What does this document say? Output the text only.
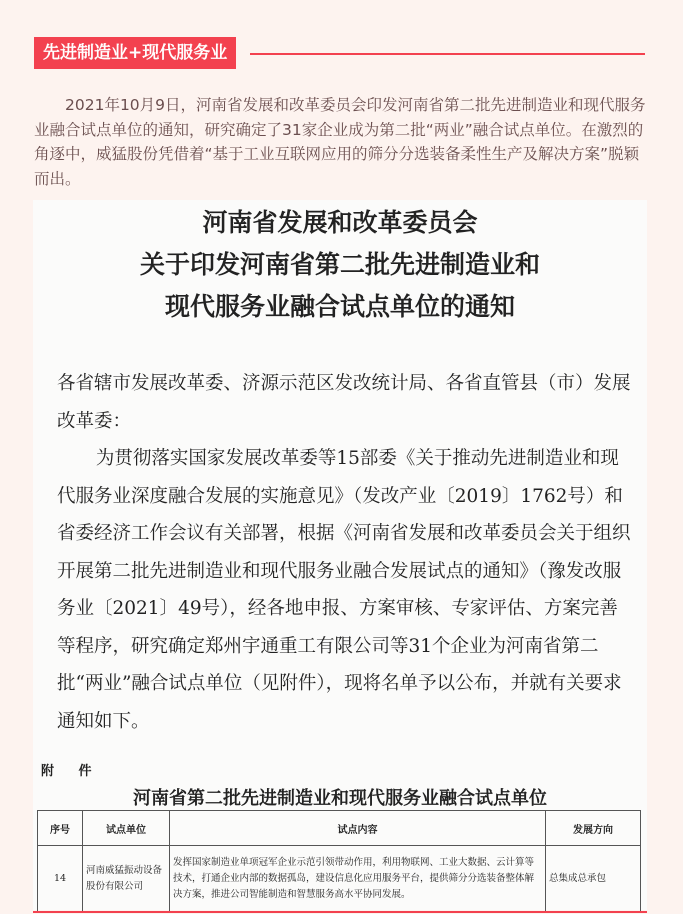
先进制造业+现代服务业
2021年10月9日，河南省发展和改革委员会印发河南省第二批先进制造业和现代服务业融合试点单位的通知，研究确定了31家企业成为第二批“两业”融合试点单位。在激烈的角逐中，威猛股份凭借着“基于工业互联网应用的筛分分选装备柔性生产及解决方案”脱颖而出。
河南省发展和改革委员会
关于印发河南省第二批先进制造业和
现代服务业融合试点单位的通知

各省辖市发展改革委、济源示范区发改统计局、各省直管县（市）发展改革委：

为贯彻落实国家发展改革委等15部委《关于推动先进制造业和现代服务业深度融合发展的实施意见》（发改产业〔2019〕1762号）和省委经济工作会议有关部署，根据《河南省发展和改革委员会关于组织开展第二批先进制造业和现代服务业融合发展试点的通知》（豫发改服务业〔2021〕49号），经各地申报、方案审核、专家评估、方案完善等程序，研究确定郑州宇通重工有限公司等31个企业为河南省第二批“两业”融合试点单位（见附件），现将名单予以公布，并就有关要求通知如下。

附 件
河南省第二批先进制造业和现代服务业融合试点单位
序号	试点单位	试点内容	发展方向
14	河南威猛振动设备股份有限公司	发挥国家制造业单项冠军企业示范引领带动作用，利用物联网、工业大数据、云计算等技术，打通企业内部的数据孤岛，建设信息化应用服务平台，提供筛分分选装备整体解决方案，推进公司智能制造和智慧服务高水平协同发展。	总集成总承包
